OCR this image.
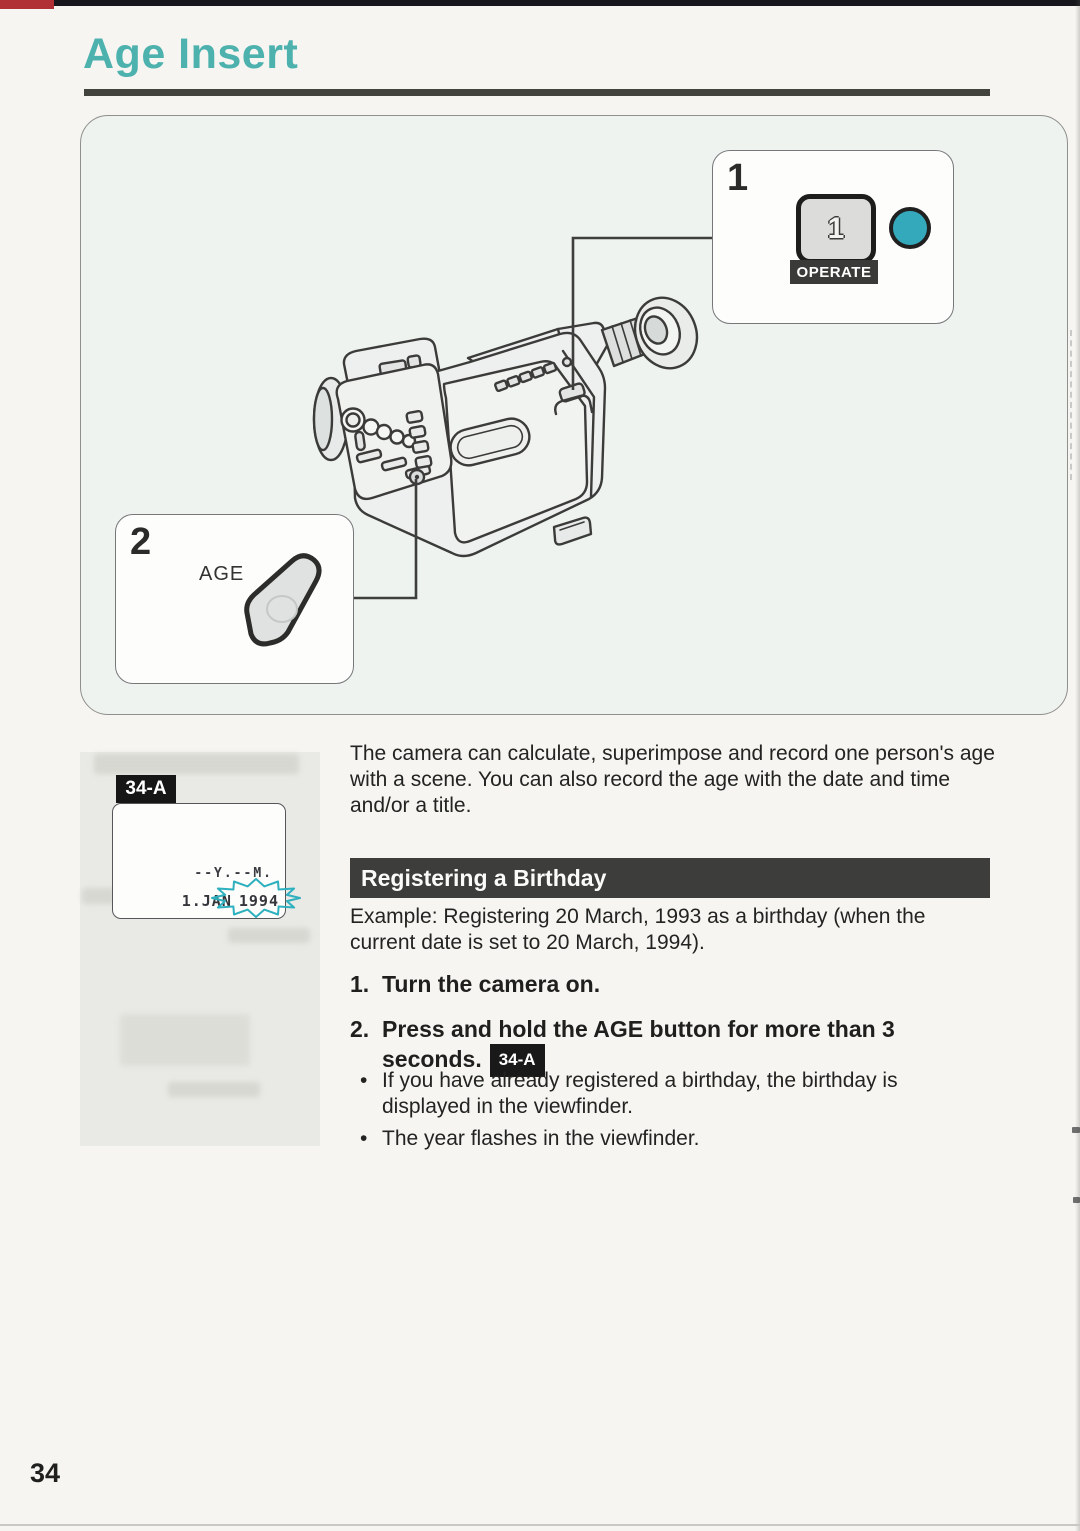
Age Insert
1
1
OPERATE
2
AGE
34-A
--Y.--M.
1.JAN 1994
The camera can calculate, superimpose and record one person's age with a scene. You can also record the age with the date and time and/or a title.
Registering a Birthday
Example: Registering 20 March, 1993 as a birthday (when the current date is set to 20 March, 1994).
1. Turn the camera on.
2. Press and hold the AGE button for more than 3 seconds. 34-A
• If you have already registered a birthday, the birthday is displayed in the viewfinder.
• The year flashes in the viewfinder.
34
